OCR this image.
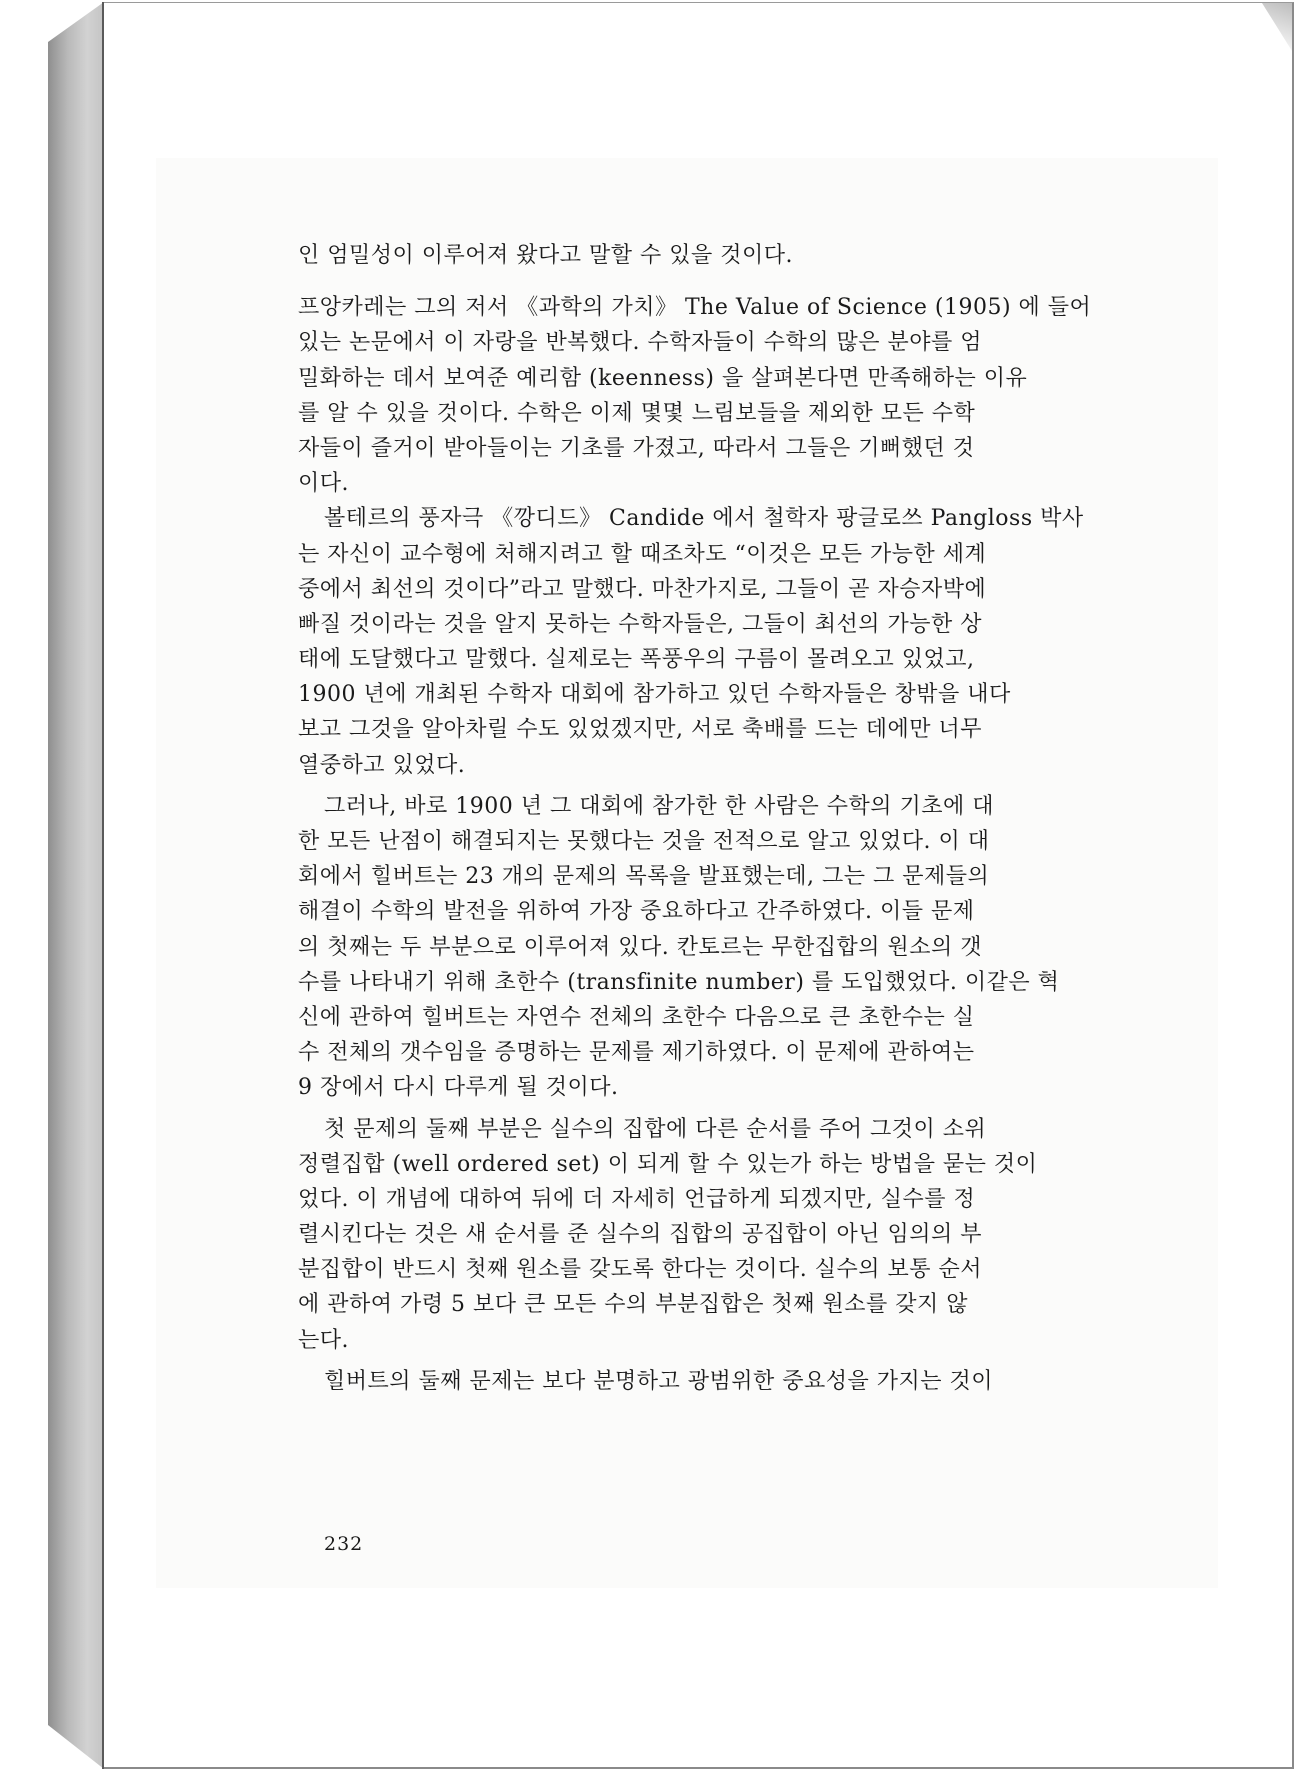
인 엄밀성이 이루어져 왔다고 말할 수 있을 것이다.
프앙카레는 그의 저서 《과학의 가치》 The Value of Science (1905) 에 들어
있는 논문에서 이 자랑을 반복했다. 수학자들이 수학의 많은 분야를 엄
밀화하는 데서 보여준 예리함 (keenness) 을 살펴본다면 만족해하는 이유
를 알 수 있을 것이다. 수학은 이제 몇몇 느림보들을 제외한 모든 수학
자들이 즐거이 받아들이는 기초를 가졌고, 따라서 그들은 기뻐했던 것
이다.
볼테르의 풍자극 《깡디드》 Candide 에서 철학자 팡글로쓰 Pangloss 박사
는 자신이 교수형에 처해지려고 할 때조차도 “이것은 모든 가능한 세계
중에서 최선의 것이다”라고 말했다. 마찬가지로, 그들이 곧 자승자박에
빠질 것이라는 것을 알지 못하는 수학자들은, 그들이 최선의 가능한 상
태에 도달했다고 말했다. 실제로는 폭풍우의 구름이 몰려오고 있었고,
1900 년에 개최된 수학자 대회에 참가하고 있던 수학자들은 창밖을 내다
보고 그것을 알아차릴 수도 있었겠지만, 서로 축배를 드는 데에만 너무
열중하고 있었다.
그러나, 바로 1900 년 그 대회에 참가한 한 사람은 수학의 기초에 대
한 모든 난점이 해결되지는 못했다는 것을 전적으로 알고 있었다. 이 대
회에서 힐버트는 23 개의 문제의 목록을 발표했는데, 그는 그 문제들의
해결이 수학의 발전을 위하여 가장 중요하다고 간주하였다. 이들 문제
의 첫째는 두 부분으로 이루어져 있다. 칸토르는 무한집합의 원소의 갯
수를 나타내기 위해 초한수 (transfinite number) 를 도입했었다. 이같은 혁
신에 관하여 힐버트는 자연수 전체의 초한수 다음으로 큰 초한수는 실
수 전체의 갯수임을 증명하는 문제를 제기하였다. 이 문제에 관하여는
9 장에서 다시 다루게 될 것이다.
첫 문제의 둘째 부분은 실수의 집합에 다른 순서를 주어 그것이 소위
정렬집합 (well ordered set) 이 되게 할 수 있는가 하는 방법을 묻는 것이
었다. 이 개념에 대하여 뒤에 더 자세히 언급하게 되겠지만, 실수를 정
렬시킨다는 것은 새 순서를 준 실수의 집합의 공집합이 아닌 임의의 부
분집합이 반드시 첫째 원소를 갖도록 한다는 것이다. 실수의 보통 순서
에 관하여 가령 5 보다 큰 모든 수의 부분집합은 첫째 원소를 갖지 않
는다.
힐버트의 둘째 문제는 보다 분명하고 광범위한 중요성을 가지는 것이
232
